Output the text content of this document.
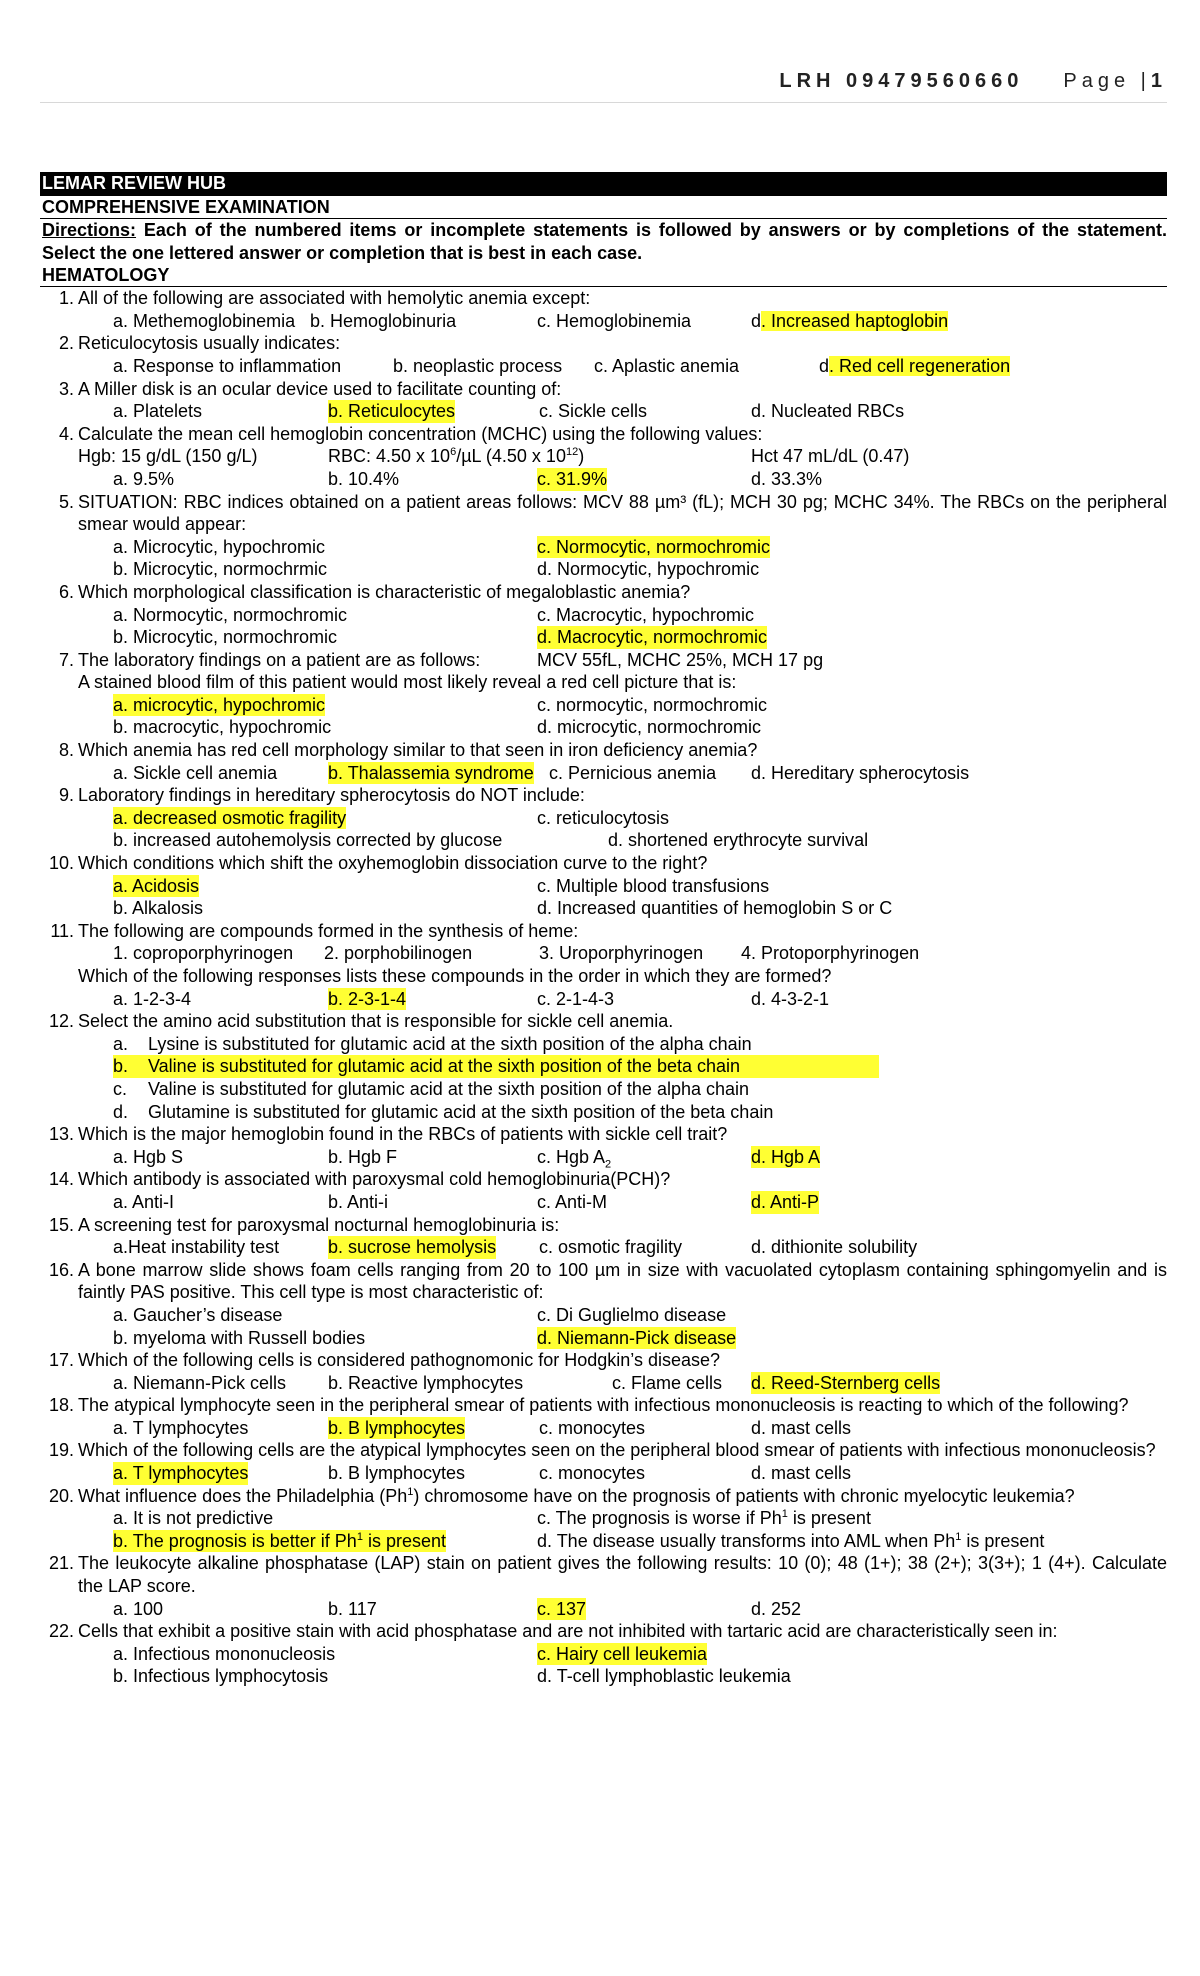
LRH 09479560660 Page |1
LEMAR REVIEW HUB
COMPREHENSIVE EXAMINATION
Directions: Each of the numbered items or incomplete statements is followed by answers or by completions of the statement. Select the one lettered answer or completion that is best in each case.
HEMATOLOGY
1. All of the following are associated with hemolytic anemia except:
a. Methemoglobinemia b. Hemoglobinuria	c. Hemoglobinemia	d. Increased haptoglobin
2. Reticulocytosis usually indicates:
a. Response to inflammation	b. neoplastic process c. Aplastic anemia	d. Red cell regeneration
3. A Miller disk is an ocular device used to facilitate counting of:
a. Platelets	b. Reticulocytes	c. Sickle cells	d. Nucleated RBCs
4. Calculate the mean cell hemoglobin concentration (MCHC) using the following values:
Hgb: 15 g/dL (150 g/L)	RBC: 4.50 x $10^6/\mu L$ (4.50 x $10^{12}$)	Hct 47 mL/dL (0.47)
a. 9.5%	b. 10.4%	c. 31.9%	d. 33.3%
5. SITUATION: RBC indices obtained on a patient areas follows: MCV 88 µm³ (fL); MCH 30 pg; MCHC 34%. The RBCs on the peripheral smear would appear:
a. Microcytic, hypochromic	c. Normocytic, normochromic
b. Microcytic, normochrmic	d. Normocytic, hypochromic
6. Which morphological classification is characteristic of megaloblastic anemia?
a. Normocytic, normochromic	c. Macrocytic, hypochromic
b. Microcytic, normochromic	d. Macrocytic, normochromic
7. The laboratory findings on a patient are as follows:	MCV 55fL, MCHC 25%, MCH 17 pg
A stained blood film of this patient would most likely reveal a red cell picture that is:
a. microcytic, hypochromic	c. normocytic, normochromic
b. macrocytic, hypochromic	d. microcytic, normochromic
8. Which anemia has red cell morphology similar to that seen in iron deficiency anemia?
a. Sickle cell anemia	b. Thalassemia syndrome c. Pernicious anemia d. Hereditary spherocytosis
9. Laboratory findings in hereditary spherocytosis do NOT include:
a. decreased osmotic fragility	c. reticulocytosis
b. increased autohemolysis corrected by glucose	d. shortened erythrocyte survival
10. Which conditions which shift the oxyhemoglobin dissociation curve to the right?
a. Acidosis	c. Multiple blood transfusions
b. Alkalosis	d. Increased quantities of hemoglobin S or C
11. The following are compounds formed in the synthesis of heme:
1. coproporphyrinogen 2. porphobilinogen	3. Uroporphyrinogen 4. Protoporphyrinogen
Which of the following responses lists these compounds in the order in which they are formed?
a. 1-2-3-4	b. 2-3-1-4	c. 2-1-4-3	d. 4-3-2-1
12. Select the amino acid substitution that is responsible for sickle cell anemia.
a. Lysine is substituted for glutamic acid at the sixth position of the alpha chain
b. Valine is substituted for glutamic acid at the sixth position of the beta chain

c. Valine is substituted for glutamic acid at the sixth position of the alpha chain
d. Glutamine is substituted for glutamic acid at the sixth position of the beta chain
13. Which is the major hemoglobin found in the RBCs of patients with sickle cell trait?
a. Hgb S	b. Hgb F	c. Hgb $A_2$	d. Hgb A
14. Which antibody is associated with paroxysmal cold hemoglobinuria(PCH)?
a. Anti-I	b. Anti-i	c. Anti-M	d. Anti-P
15. A screening test for paroxysmal nocturnal hemoglobinuria is:
a.Heat instability test	b. sucrose hemolysis c. osmotic fragility	d. dithionite solubility
16. A bone marrow slide shows foam cells ranging from 20 to 100 µm in size with vacuolated cytoplasm containing sphingomyelin and is faintly PAS positive. This cell type is most characteristic of:
a. Gaucher’s disease	c. Di Guglielmo disease
b. myeloma with Russell bodies	d. Niemann-Pick disease
17. Which of the following cells is considered pathognomonic for Hodgkin’s disease?
a. Niemann-Pick cells b. Reactive lymphocytes	c. Flame cells d. Reed-Sternberg cells
18. The atypical lymphocyte seen in the peripheral smear of patients with infectious mononucleosis is reacting to which of the following?
a. T lymphocytes	b. B lymphocytes	c. monocytes	d. mast cells
19. Which of the following cells are the atypical lymphocytes seen on the peripheral blood smear of patients with infectious mononucleosis?
a. T lymphocytes	b. B lymphocytes	c. monocytes	d. mast cells
20. What influence does the Philadelphia (Ph$^1$) chromosome have on the prognosis of patients with chronic myelocytic leukemia?
a. It is not predictive	c. The prognosis is worse if Ph$^1$ is present
b. The prognosis is better if Ph$^1$ is present	d. The disease usually transforms into AML when Ph$^1$ is present
21. The leukocyte alkaline phosphatase (LAP) stain on patient gives the following results: 10 (0); 48 (1+); 38 (2+); 3(3+); 1 (4+). Calculate the LAP score.
a. 100	b. 117	c. 137	d. 252
22. Cells that exhibit a positive stain with acid phosphatase and are not inhibited with tartaric acid are characteristically seen in:
a. Infectious mononucleosis	c. Hairy cell leukemia
b. Infectious lymphocytosis	d. T-cell lymphoblastic leukemia
